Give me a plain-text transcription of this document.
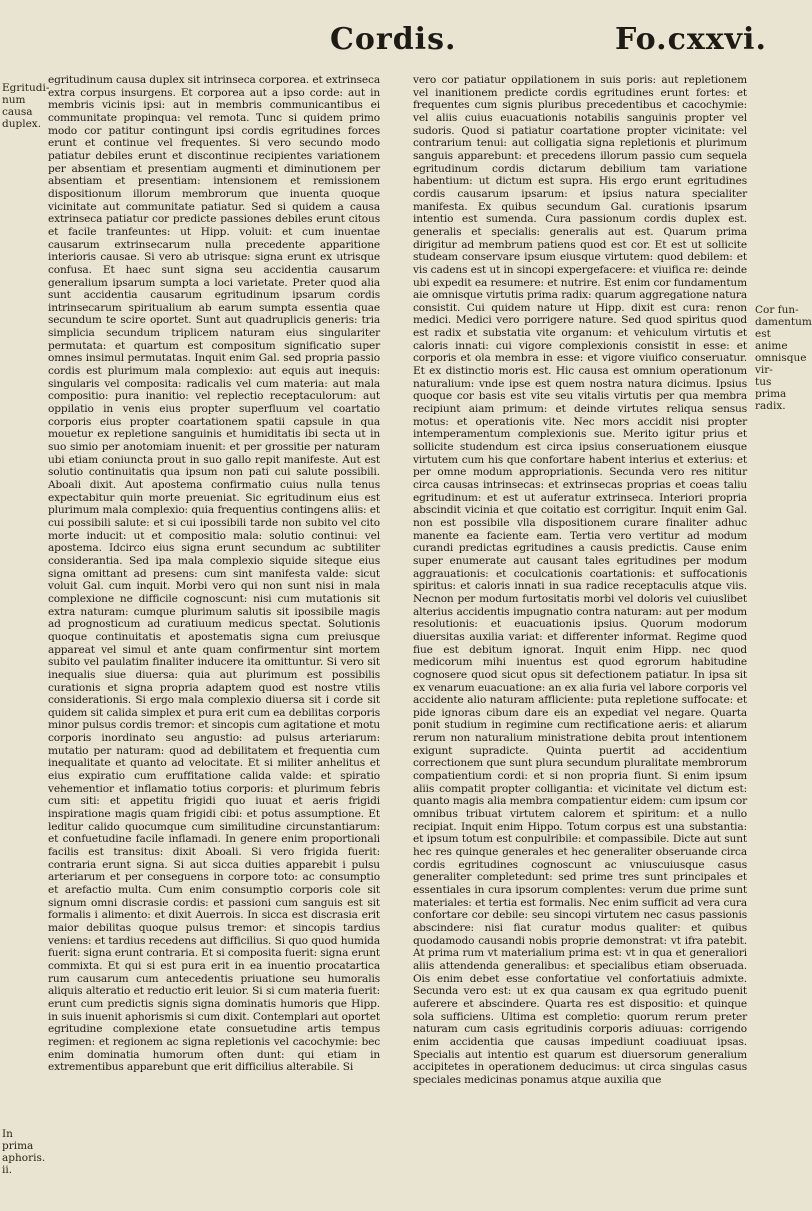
Cordis.	Fo.cxxvi.
Egritudi-
num causa
duplex.
In prima
aphoris.
ii.
Cor fun-
damentum
est anime
omnisque vir-
tus prima
radix.

egritudinum causa duplex sit intrinseca corporea. et extrinseca extra corpus insurgens. Et corporea aut a ipso corde: aut in membris vicinis ipsi: aut in membris communicantibus ei communitate propinqua: vel remota. Tunc si quidem primo modo cor patitur contingunt ipsi cordis egritudines forces erunt et continue vel frequentes. Si vero secundo modo patiatur debiles erunt et discontinue recipientes variationem per absentiam et presentiam augmenti et diminutionem per absentiam et presentiam: intensionem et remissionem dispositionum illorum membrorum que inuenta quoque vicinitate aut communitate patiatur. Sed si quidem a causa extrinseca patiatur cor predicte passiones debiles erunt citous et facile tranfeuntes: ut Hipp. voluit: et cum inuentae causarum extrinsecarum nulla precedente apparitione interioris causae. Si vero ab utrisque: signa erunt ex utrisque confusa. Et haec sunt signa seu accidentia causarum generalium ipsarum sumpta a loci varietate. Preter quod alia sunt accidentia causarum egritudinum ipsarum cordis intrinsecarum spiritualium ab earum sumpta essentia quae secundum te scire oportet. Sunt aut quadruplicis generis: tria simplicia secundum triplicem naturam eius singulariter permutata: et quartum est compositum significatio super omnes insimul permutatas. Inquit enim Gal. sed propria passio cordis est plurimum mala complexio: aut equis aut inequis: singularis vel composita: radicalis vel cum materia: aut mala compositio: pura inanitio: vel replectio receptaculorum: aut oppilatio in venis eius propter superfluum vel coartatio corporis eius propter coartationem spatii capsule in qua mouetur ex repletione sanguinis et humiditatis ibi secta ut in suo simio per anotomiam inuenit: et per grossitie per naturam ubi etiam coniuncta prout in suo gallo repit manifeste. Aut est solutio continuitatis qua ipsum non pati cui salute possibili. Aboali dixit. Aut apostema confirmatio cuius nulla tenus expectabitur quin morte preueniat. Sic egritudinum eius est plurimum mala complexio: quia frequentius contingens aliis: et cui possibili salute: et si cui ipossibili tarde non subito vel cito morte inducit: ut et compositio mala: solutio continui: vel apostema. Idcirco eius signa erunt secundum ac subtiliter considerantia. Sed ipa mala complexio siquide siteque eius signa omittant ad presens: cum sint manifesta valde: sicut voluit Gal. cum inquit. Morbi vero qui non sunt nisi in mala complexione ne difficile cognoscunt: nisi cum mutationis sit extra naturam: cumque plurimum salutis sit ipossibile magis ad prognosticum ad curatiuum medicus spectat. Solutionis quoque continuitatis et apostematis signa cum preiusque appareat vel simul et ante quam confirmentur sint mortem subito vel paulatim finaliter inducere ita omittuntur. Si vero sit inequalis siue diuersa: quia aut plurimum est possibilis curationis et signa propria adaptem quod est nostre vtilis considerationis. Si ergo mala complexio diuersa sit i corde sit quidem sit calida simplex et pura erit cum ea debilitas corporis minor pulsus cordis tremor: et sincopis cum agitatione et motu corporis inordinato seu angustio: ad pulsus arteriarum: mutatio per naturam: quod ad debilitatem et frequentia cum inequalitate et quanto ad velocitate. Et si militer anhelitus et eius expiratio cum eruffitatione calida valde: et spiratio vehementior et inflamatio totius corporis: et plurimum febris cum siti: et appetitu frigidi quo iuuat et aeris frigidi inspiratione magis quam frigidi cibi: et potus assumptione. Et leditur calido quocumque cum similitudine circunstantiarum: et confuetudine facile inflamadi. In genere enim proportionali facilis est transitus: dixit Aboali. Si vero frigida fuerit: contraria erunt signa. Si aut sicca duities apparebit i pulsu arteriarum et per conseguens in corpore toto: ac consumptio et arefactio multa. Cum enim consumptio corporis cole sit signum omni discrasie cordis: et passioni cum sanguis est sit formalis i alimento: et dixit Auerrois. In sicca est discrasia erit maior debilitas quoque pulsus tremor: et sincopis tardius veniens: et tardius recedens aut difficilius. Si quo quod humida fuerit: signa erunt contraria. Et si composita fuerit: signa erunt commixta. Et qui si est pura erit in ea inuentio procatartica rum causarum cum antecedentis priuatione seu humoralis aliquis alteratio et reductio erit leuior. Si si cum materia fuerit: erunt cum predictis signis signa dominatis humoris que Hipp. in suis inuenit aphorismis si cum dixit. Contemplari aut oportet egritudine complexione etate consuetudine artis tempus regimen: et regionem ac signa repletionis vel cacochymie: bec enim dominatia humorum often dunt: qui etiam in extrementibus apparebunt que erit difficilius alterabile. Si

vero cor patiatur oppilationem in suis poris: aut repletionem vel inanitionem predicte cordis egritudines erunt fortes: et frequentes cum signis pluribus precedentibus et cacochymie: vel aliis cuius euacuationis notabilis sanguinis propter vel sudoris. Quod si patiatur coartatione propter vicinitate: vel contrarium tenui: aut colligatia signa repletionis et plurimum sanguis apparebunt: et precedens illorum passio cum sequela egritudinum cordis dictarum debilium tam variatione habentium: ut dictum est supra. His ergo erunt egritudines cordis causarum ipsarum: et ipsius natura specialiter manifesta. Ex quibus secundum Gal. curationis ipsarum intentio est sumenda. Cura passionum cordis duplex est. generalis et specialis: generalis aut est. Quarum prima dirigitur ad membrum patiens quod est cor. Et est ut sollicite studeam conservare ipsum eiusque virtutem: quod debilem: et vis cadens est ut in sincopi expergefacere: et viuifica re: deinde ubi expedit ea resumere: et nutrire. Est enim cor fundamentum aie omnisque virtutis prima radix: quarum aggregatione natura consistit. Cui quidem nature ut Hipp. dixit est cura: renon medici. Medici vero porrigere nature. Sed quod spiritus quod est radix et substatia vite organum: et vehiculum virtutis et caloris innati: cui vigore complexionis consistit in esse: et corporis et ola membra in esse: et vigore viuifico conseruatur. Et ex distinctio moris est. Hic causa est omnium operationum naturalium: vnde ipse est quem nostra natura dicimus. Ipsius quoque cor basis est vite seu vitalis virtutis per qua membra recipiunt aiam primum: et deinde virtutes reliqua sensus motus: et operationis vite. Nec mors accidit nisi propter intemperamentum complexionis sue. Merito igitur prius et sollicite studendum est circa ipsius conseruationem eiusque virtutem cum his que confortare habent interius et exterius: et per omne modum appropriationis. Secunda vero res nititur circa causas intrinsecas: et extrinsecas proprias et coeas taliu egritudinum: et est ut auferatur extrinseca. Interiori propria abscindit vicinia et que coitatio est corrigitur. Inquit enim Gal. non est possibile vlla dispositionem curare finaliter adhuc manente ea faciente eam. Tertia vero vertitur ad modum curandi predictas egritudines a causis predictis. Cause enim super enumerate aut causant tales egritudines per modum aggrauationis: et coculcationis coartationis: et suffocationis spiritus: et caloris innati in sua radice receptaculis atque viis. Necnon per modum furtositatis morbi vel doloris vel cuiuslibet alterius accidentis impugnatio contra naturam: aut per modum resolutionis: et euacuationis ipsius. Quorum modorum diuersitas auxilia variat: et differenter informat. Regime quod fiue est debitum ignorat. Inquit enim Hipp. nec quod medicorum mihi inuentus est quod egrorum habitudine cognosere quod sicut opus sit defectionem patiatur. In ipsa sit ex venarum euacuatione: an ex alia furia vel labore corporis vel accidente alio naturam affliciente: puta repletione suffocate: et pide ignoras cibum dare eis an expediat vel negare. Quarta ponit studium in regimine cum rectificatione aeris: et aliarum rerum non naturalium ministratione debita prout intentionem exigunt supradicte. Quinta puertit ad accidentium correctionem que sunt plura secundum pluralitate membrorum compatientium cordi: et si non propria fiunt. Si enim ipsum aliis compatit propter colligantia: et vicinitate vel dictum est: quanto magis alia membra compatientur eidem: cum ipsum cor omnibus tribuat virtutem calorem et spiritum: et a nullo recipiat. Inquit enim Hippo. Totum corpus est una substantia: et ipsum totum est conpulribile: et compassibile. Dicte aut sunt hec res quinque generales et hec generaliter obseruande circa cordis egritudines cognoscunt ac vniuscuiusque casus generaliter completedunt: sed prime tres sunt principales et essentiales in cura ipsorum complentes: verum due prime sunt materiales: et tertia est formalis. Nec enim sufficit ad vera cura confortare cor debile: seu sincopi virtutem nec casus passionis abscindere: nisi fiat curatur modus qualiter: et quibus quodamodo causandi nobis proprie demonstrat: vt ifra patebit. At prima rum vt materialium prima est: vt in qua et generaliori aliis attendenda generalibus: et specialibus etiam obseruada. Ois enim debet esse confortatiue vel confortatiuis admixte. Secunda vero est: ut ex qua causam ex qua egritudo puenit auferere et abscindere. Quarta res est dispositio: et quinque sola sufficiens. Ultima est completio: quorum rerum preter naturam cum casis egritudinis corporis adiuuas: corrigendo enim accidentia que causas impediunt coadiuuat ipsas. Specialis aut intentio est quarum est diuersorum generalium accipitetes in operationem deducimus: ut circa singulas casus speciales medicinas ponamus atque auxilia que
